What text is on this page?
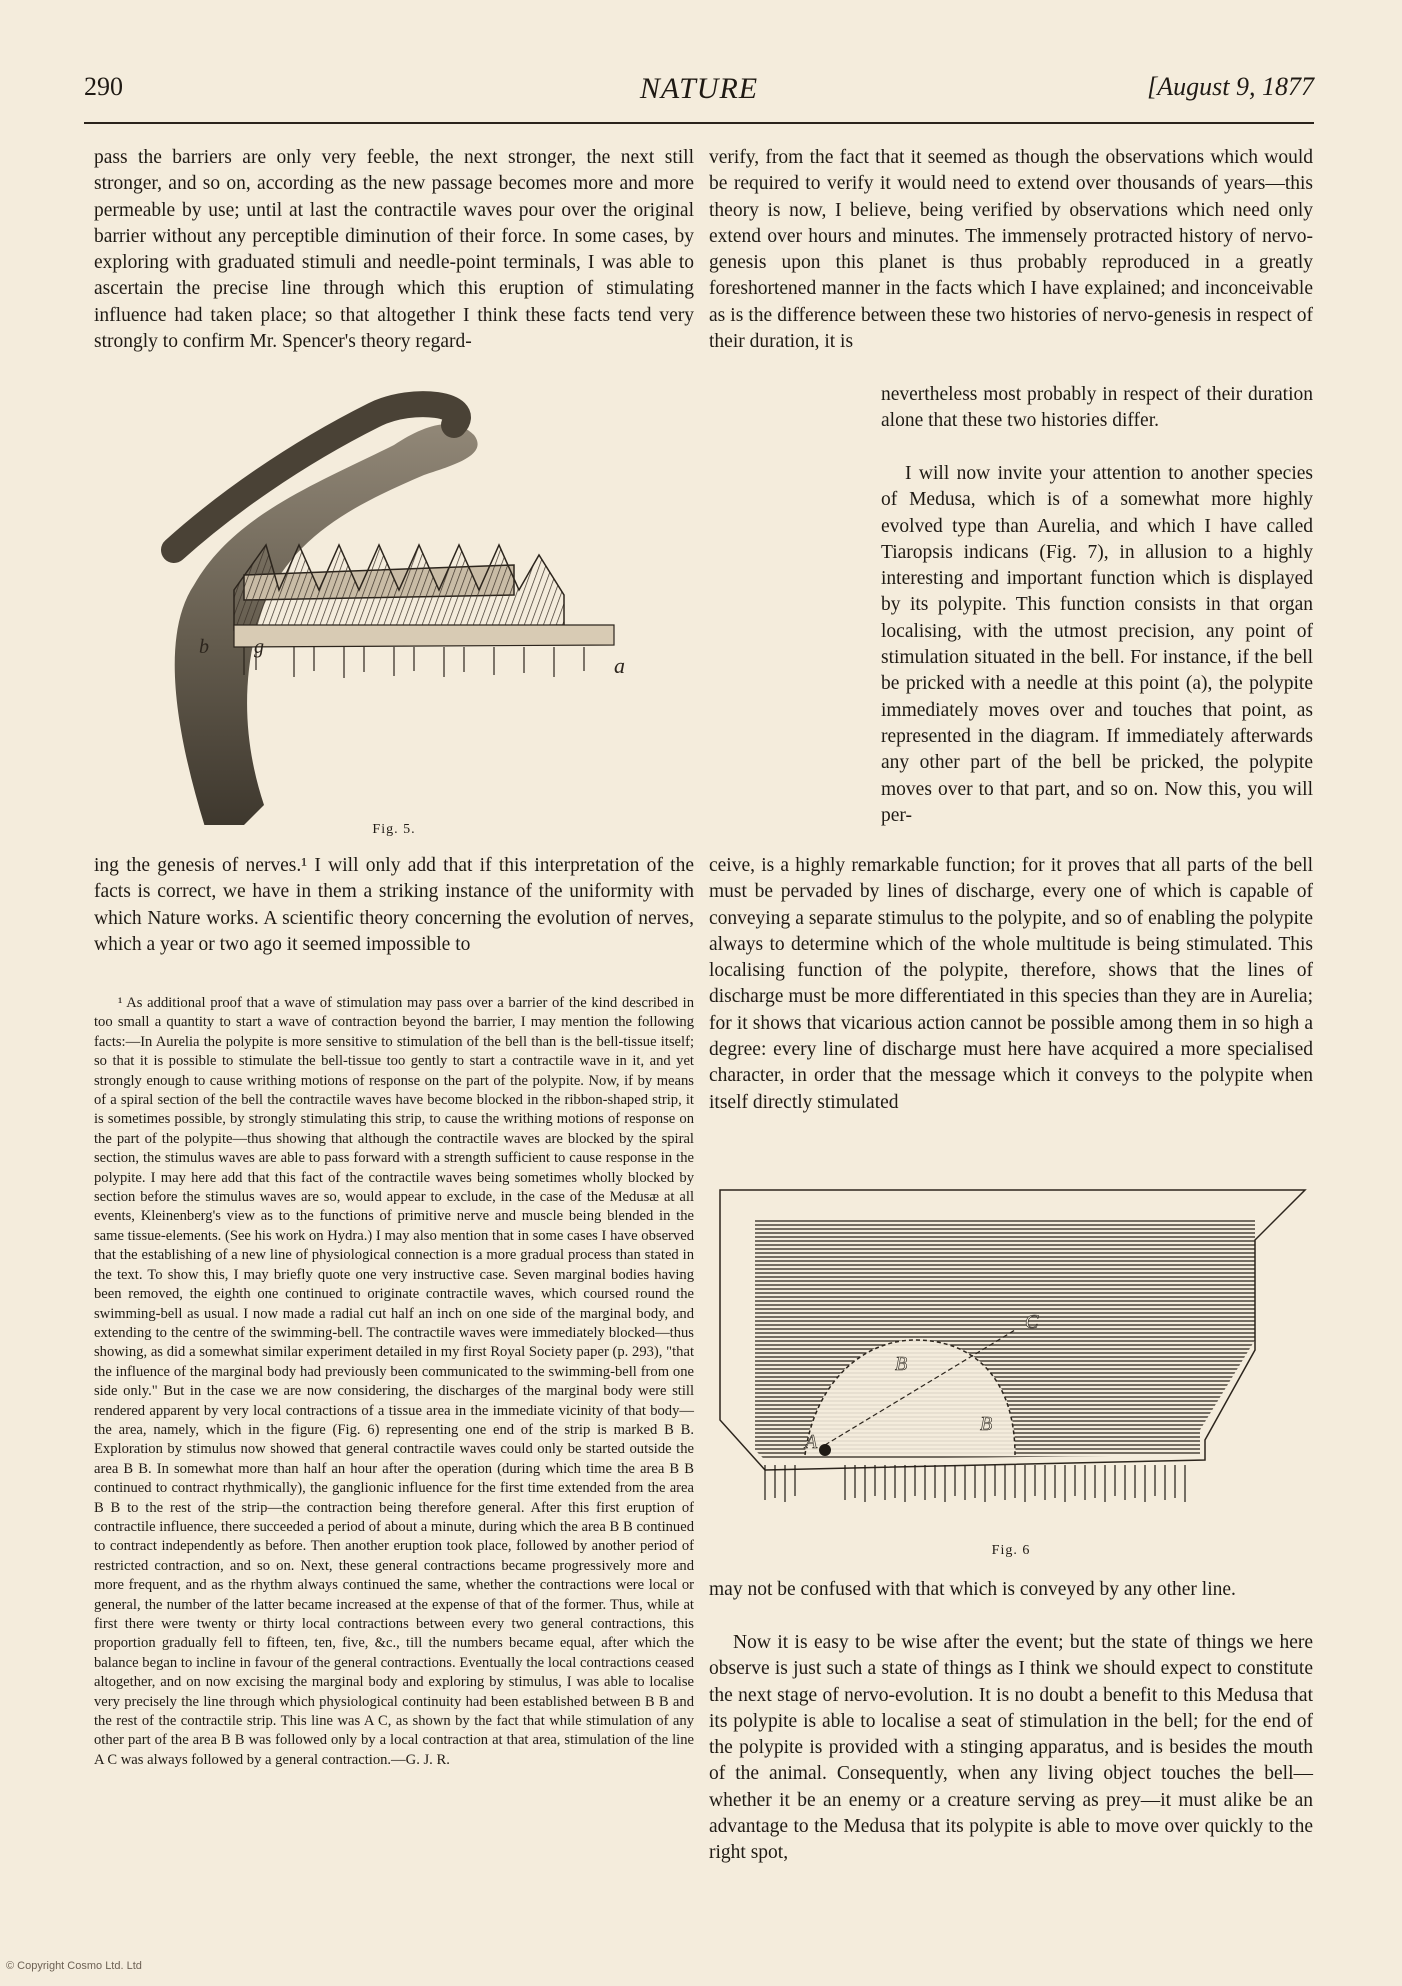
290	NATURE	[August 9, 1877

pass the barriers are only very feeble, the next stronger, the next still stronger, and so on, according as the new passage becomes more and more permeable by use; until at last the contractile waves pour over the original barrier without any perceptible diminution of their force. In some cases, by exploring with graduated stimuli and needle-point terminals, I was able to ascertain the precise line through which this eruption of stimulating influence had taken place; so that altogether I think these facts tend very strongly to confirm Mr. Spencer's theory regard-

b g
a
Fig. 5.

ing the genesis of nerves.¹ I will only add that if this interpretation of the facts is correct, we have in them a striking instance of the uniformity with which Nature works. A scientific theory concerning the evolution of nerves, which a year or two ago it seemed impossible to

¹ As additional proof that a wave of stimulation may pass over a barrier of the kind described in too small a quantity to start a wave of contraction beyond the barrier, I may mention the following facts:—In Aurelia the polypite is more sensitive to stimulation of the bell than is the bell-tissue itself; so that it is possible to stimulate the bell-tissue too gently to start a contractile wave in it, and yet strongly enough to cause writhing motions of response on the part of the polypite. Now, if by means of a spiral section of the bell the contractile waves have become blocked in the ribbon-shaped strip, it is sometimes possible, by strongly stimulating this strip, to cause the writhing motions of response on the part of the polypite—thus showing that although the contractile waves are blocked by the spiral section, the stimulus waves are able to pass forward with a strength sufficient to cause response in the polypite. I may here add that this fact of the contractile waves being sometimes wholly blocked by section before the stimulus waves are so, would appear to exclude, in the case of the Medusæ at all events, Kleinenberg's view as to the functions of primitive nerve and muscle being blended in the same tissue-elements. (See his work on Hydra.) I may also mention that in some cases I have observed that the establishing of a new line of physiological connection is a more gradual process than stated in the text. To show this, I may briefly quote one very instructive case. Seven marginal bodies having been removed, the eighth one continued to originate contractile waves, which coursed round the swimming-bell as usual. I now made a radial cut half an inch on one side of the marginal body, and extending to the centre of the swimming-bell. The contractile waves were immediately blocked—thus showing, as did a somewhat similar experiment detailed in my first Royal Society paper (p. 293), "that the influence of the marginal body had previously been communicated to the swimming-bell from one side only." But in the case we are now considering, the discharges of the marginal body were still rendered apparent by very local contractions of a tissue area in the immediate vicinity of that body—the area, namely, which in the figure (Fig. 6) representing one end of the strip is marked B B. Exploration by stimulus now showed that general contractile waves could only be started outside the area B B. In somewhat more than half an hour after the operation (during which time the area B B continued to contract rhythmically), the ganglionic influence for the first time extended from the area B B to the rest of the strip—the contraction being therefore general. After this first eruption of contractile influence, there succeeded a period of about a minute, during which the area B B continued to contract independently as before. Then another eruption took place, followed by another period of restricted contraction, and so on. Next, these general contractions became progressively more and more frequent, and as the rhythm always continued the same, whether the contractions were local or general, the number of the latter became increased at the expense of that of the former. Thus, while at first there were twenty or thirty local contractions between every two general contractions, this proportion gradually fell to fifteen, ten, five, &c., till the numbers became equal, after which the balance began to incline in favour of the general contractions. Eventually the local contractions ceased altogether, and on now excising the marginal body and exploring by stimulus, I was able to localise very precisely the line through which physiological continuity had been established between B B and the rest of the contractile strip. This line was A C, as shown by the fact that while stimulation of any other part of the area B B was followed only by a local contraction at that area, stimulation of the line A C was always followed by a general contraction.—G. J. R.

verify, from the fact that it seemed as though the observations which would be required to verify it would need to extend over thousands of years—this theory is now, I believe, being verified by observations which need only extend over hours and minutes. The immensely protracted history of nervo-genesis upon this planet is thus probably reproduced in a greatly foreshortened manner in the facts which I have explained; and inconceivable as is the difference between these two histories of nervo-genesis in respect of their duration, it is

nevertheless most probably in respect of their duration alone that these two histories differ.

I will now invite your attention to another species of Medusa, which is of a somewhat more highly evolved type than Aurelia, and which I have called Tiaropsis indicans (Fig. 7), in allusion to a highly interesting and important function which is displayed by its polypite. This function consists in that organ localising, with the utmost precision, any point of stimulation situated in the bell. For instance, if the bell be pricked with a needle at this point (a), the polypite immediately moves over and touches that point, as represented in the diagram. If immediately afterwards any other part of the bell be pricked, the polypite moves over to that part, and so on. Now this, you will per-

ceive, is a highly remarkable function; for it proves that all parts of the bell must be pervaded by lines of discharge, every one of which is capable of conveying a separate stimulus to the polypite, and so of enabling the polypite always to determine which of the whole multitude is being stimulated. This localising function of the polypite, therefore, shows that the lines of discharge must be more differentiated in this species than they are in Aurelia; for it shows that vicarious action cannot be possible among them in so high a degree: every line of discharge must here have acquired a more specialised character, in order that the message which it conveys to the polypite when itself directly stimulated

A
B
B
C
Fig. 6

may not be confused with that which is conveyed by any other line.

Now it is easy to be wise after the event; but the state of things we here observe is just such a state of things as I think we should expect to constitute the next stage of nervo-evolution. It is no doubt a benefit to this Medusa that its polypite is able to localise a seat of stimulation in the bell; for the end of the polypite is provided with a stinging apparatus, and is besides the mouth of the animal. Consequently, when any living object touches the bell—whether it be an enemy or a creature serving as prey—it must alike be an advantage to the Medusa that its polypite is able to move over quickly to the right spot,

© Copyright Cosmo Ltd. Ltd
